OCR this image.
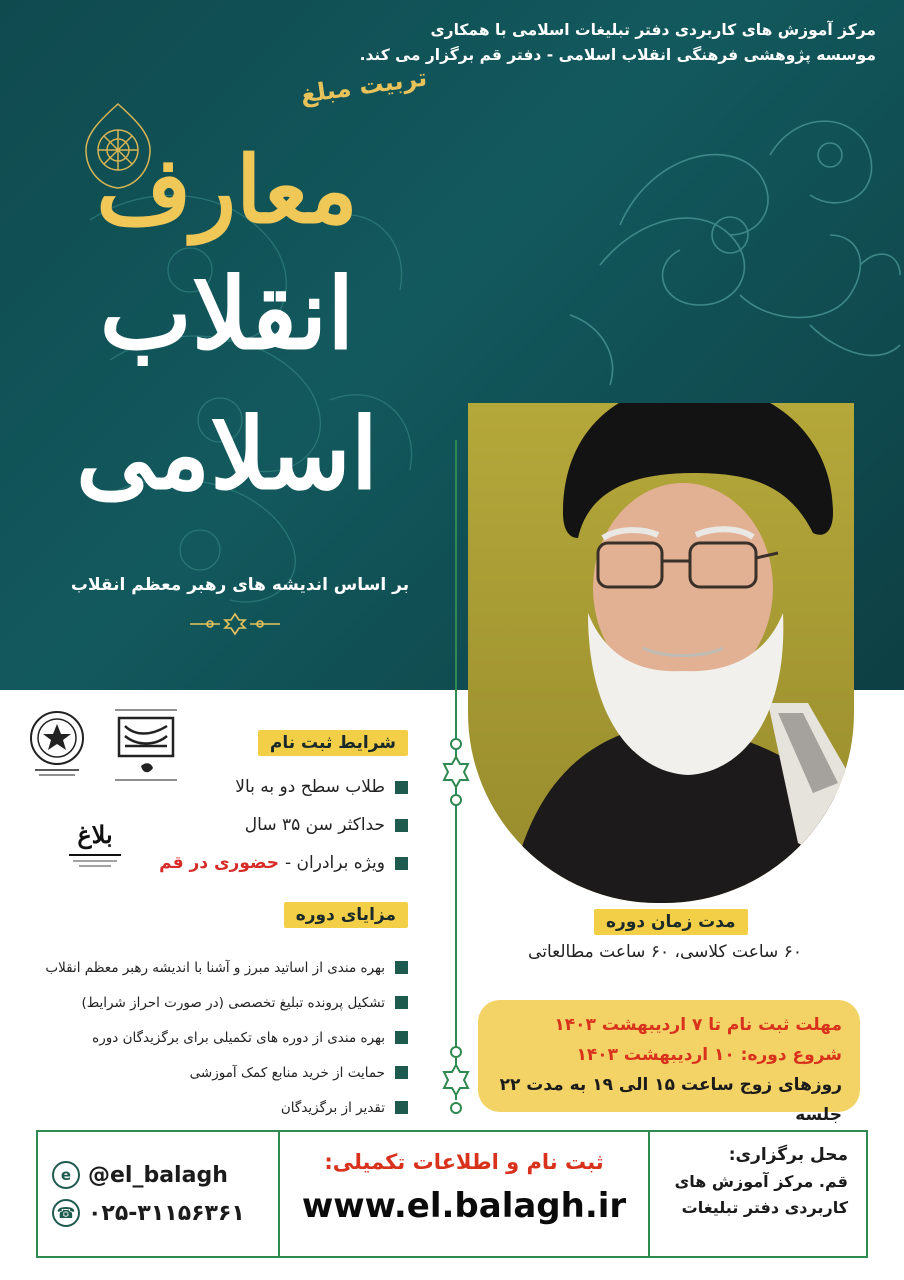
مرکز آموزش های کاربردی دفتر تبلیغات اسلامی با همکاری
موسسه پژوهشی فرهنگی انقلاب اسلامی - دفتر قم برگزار می کند.
تربیت مبلغ
معارف
انقلاب
اسلامی
بر اساس اندیشه های رهبر معظم انقلاب
بلاغ
شرایط ثبت نام
طلاب سطح دو به بالا
حداکثر سن ۳۵ سال
ویژه برادران -
حضوری در قم
مزایای دوره
بهره مندی از اساتید مبرز و آشنا با اندیشه رهبر معظم انقلاب
تشکیل پرونده تبلیغ تخصصی (در صورت احراز شرایط)
بهره مندی از دوره های تکمیلی برای برگزیدگان دوره
حمایت از خرید منابع کمک آموزشی
تقدیر از برگزیدگان
مدت زمان دوره
۶۰ ساعت کلاسی، ۶۰ ساعت مطالعاتی
مهلت ثبت نام تا ۷ اردیبهشت ۱۴۰۳
شروع دوره: ۱۰ اردیبهشت ۱۴۰۳
روزهای زوج ساعت ۱۵ الی ۱۹ به مدت ۲۲ جلسه
محل برگزاری:
قم. مرکز آموزش های
کاربردی دفتر تبلیغات
ثبت نام و اطلاعات تکمیلی:
www.el.balagh.ir
e @el_balagh
☎ ۰۲۵-۳۱۱۵۶۳۶۱
